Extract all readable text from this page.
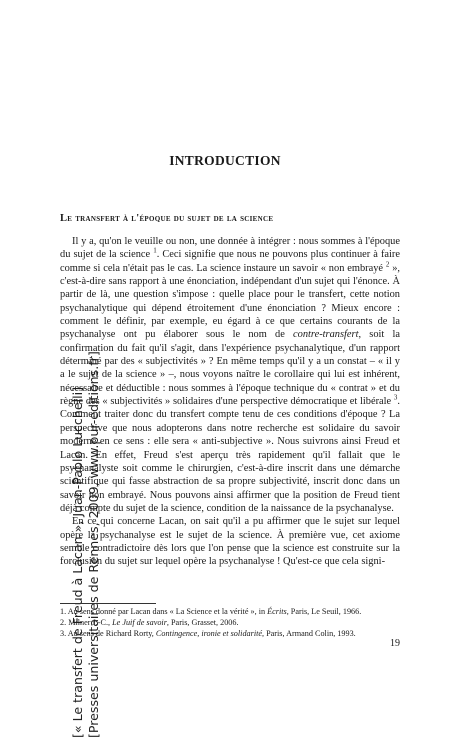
[« Le transfert de Freud à Lacan », Juan-Pablo Lucchelli] [Presses universitaires de Rennes, 2009, www.pur-editions.fr]
INTRODUCTION
Le transfert à l'époque du sujet de la science

Il y a, qu'on le veuille ou non, une donnée à intégrer : nous sommes à l'époque du sujet de la science $^1$. Ceci signifie que nous ne pouvons plus continuer à faire comme si cela n'était pas le cas. La science instaure un savoir « non embrayé $^2$ », c'est-à-dire sans rapport à une énonciation, indépendant d'un sujet qui l'énonce. À partir de là, une question s'impose : quelle place pour le transfert, cette notion psychanalytique qui dépend étroitement d'une énonciation ? Mieux encore : comment le définir, par exemple, eu égard à ce que certains courants de la psychanalyse ont pu élaborer sous le nom de contre-transfert, soit la confirmation du fait qu'il s'agit, dans l'expérience psychanalytique, d'un rapport déterminé par des « subjectivités » ? En même temps qu'il y a un constat – « il y a le sujet de la science » –, nous voyons naître le corollaire qui lui est inhérent, nécessaire et déductible : nous sommes à l'époque technique du « contrat » et du règne des « subjectivités » solidaires d'une perspective démocratique et libérale $^3$. Comment traiter donc du transfert compte tenu de ces conditions d'époque ? La perspective que nous adopterons dans notre recherche est solidaire du savoir moderne en ce sens : elle sera « anti-subjective ». Nous suivrons ainsi Freud et Lacan. En effet, Freud s'est aperçu très rapidement qu'il fallait que le psychanalyste soit comme le chirurgien, c'est-à-dire inscrit dans une démarche scientifique qui fasse abstraction de sa propre subjectivité, inscrit donc dans un savoir non embrayé. Nous pouvons ainsi affirmer que la position de Freud tient déjà compte du sujet de la science, condition de la naissance de la psychanalyse.

En ce qui concerne Lacan, on sait qu'il a pu affirmer que le sujet sur lequel opère la psychanalyse est le sujet de la science. À première vue, cet axiome semble contradictoire dès lors que l'on pense que la science est construite sur la forclusion du sujet sur lequel opère la psychanalyse ! Qu'est-ce que cela signi-

1. Au sens donné par Lacan dans « La Science et la vérité », in Écrits, Paris, Le Seuil, 1966.
2. Milner J.-C., Le Juif de savoir, Paris, Grasset, 2006.
3. Au sens de Richard Rorty, Contingence, ironie et solidarité, Paris, Armand Colin, 1993.
19
